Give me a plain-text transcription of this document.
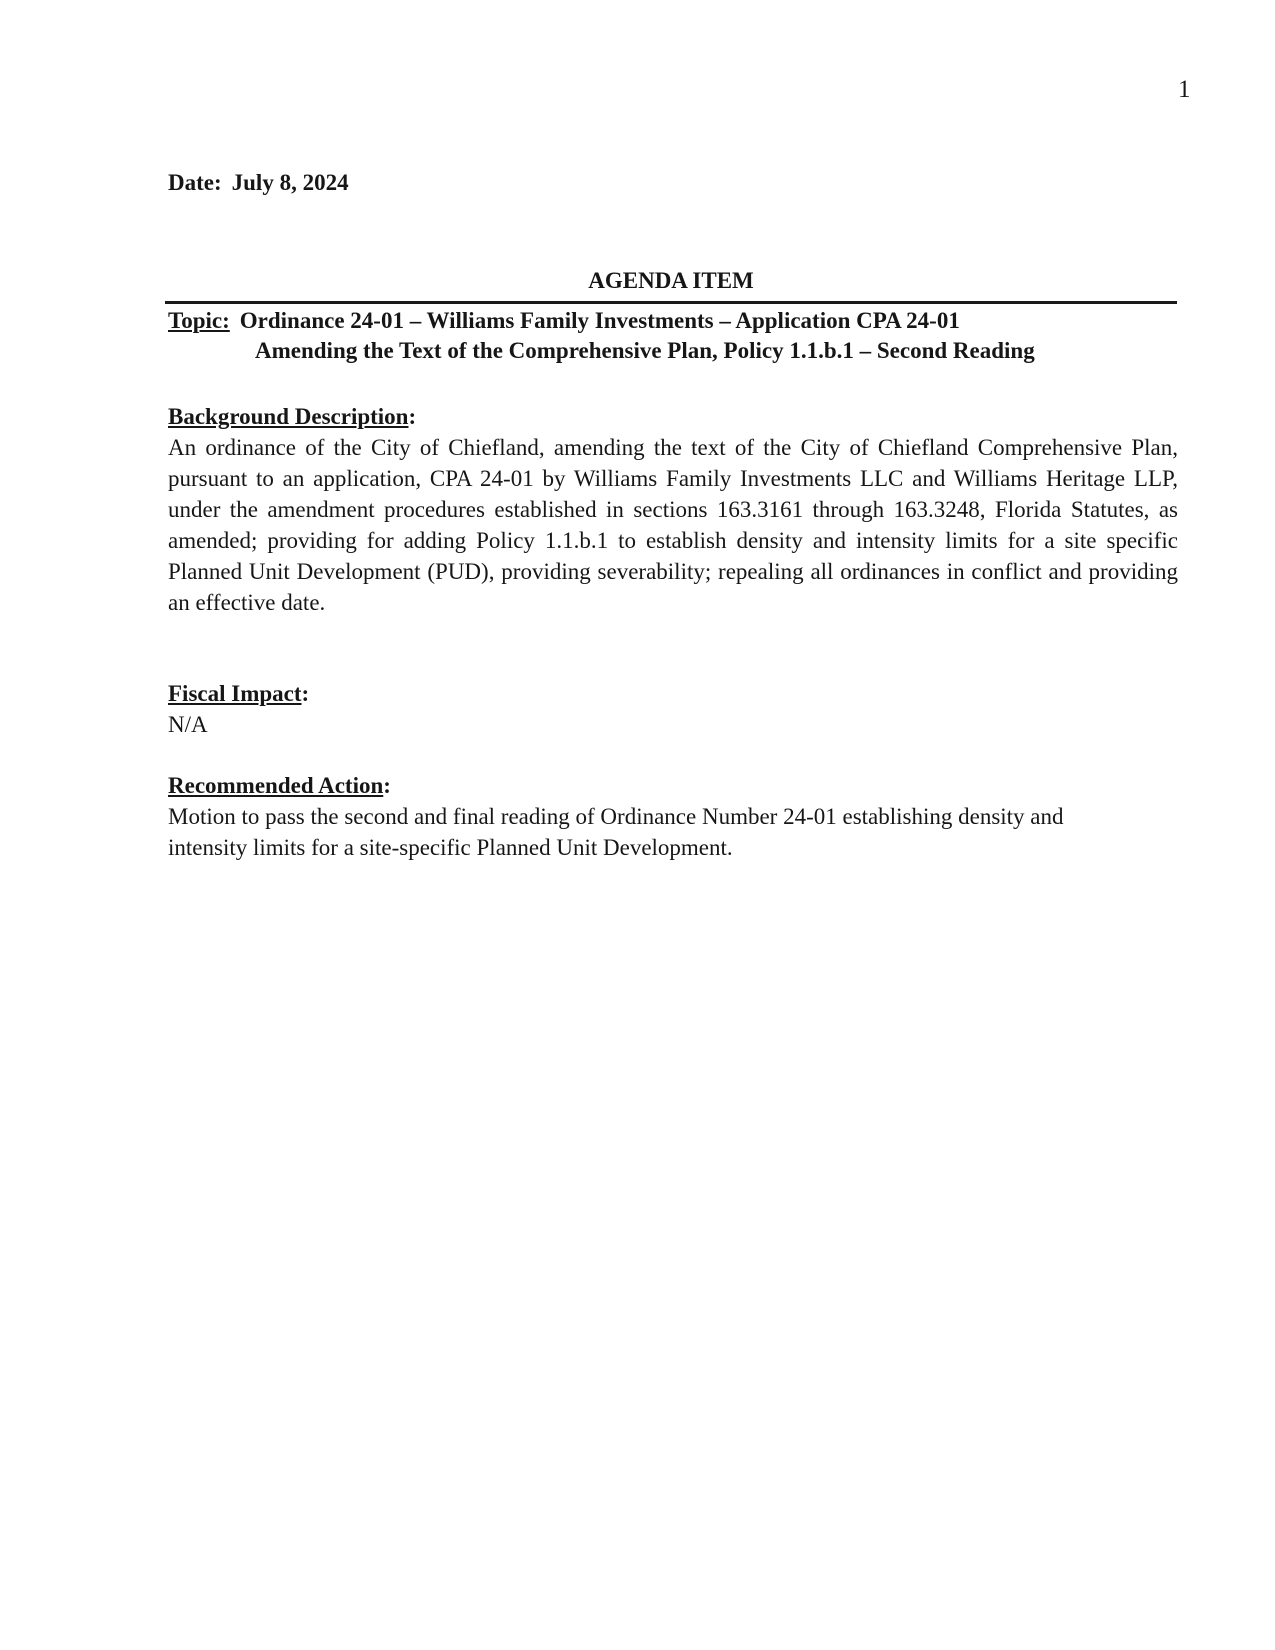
1
Date: July 8, 2024
AGENDA ITEM
Topic: Ordinance 24-01 – Williams Family Investments – Application CPA 24-01
Amending the Text of the Comprehensive Plan, Policy 1.1.b.1 – Second Reading
Background Description:

An ordinance of the City of Chiefland, amending the text of the City of Chiefland Comprehensive Plan, pursuant to an application, CPA 24-01 by Williams Family Investments LLC and Williams Heritage LLP, under the amendment procedures established in sections 163.3161 through 163.3248, Florida Statutes, as amended; providing for adding Policy 1.1.b.1 to establish density and intensity limits for a site specific Planned Unit Development (PUD), providing severability; repealing all ordinances in conflict and providing an effective date.

Fiscal Impact:

N/A

Recommended Action:

Motion to pass the second and final reading of Ordinance Number 24-01 establishing density and intensity limits for a site-specific Planned Unit Development.
